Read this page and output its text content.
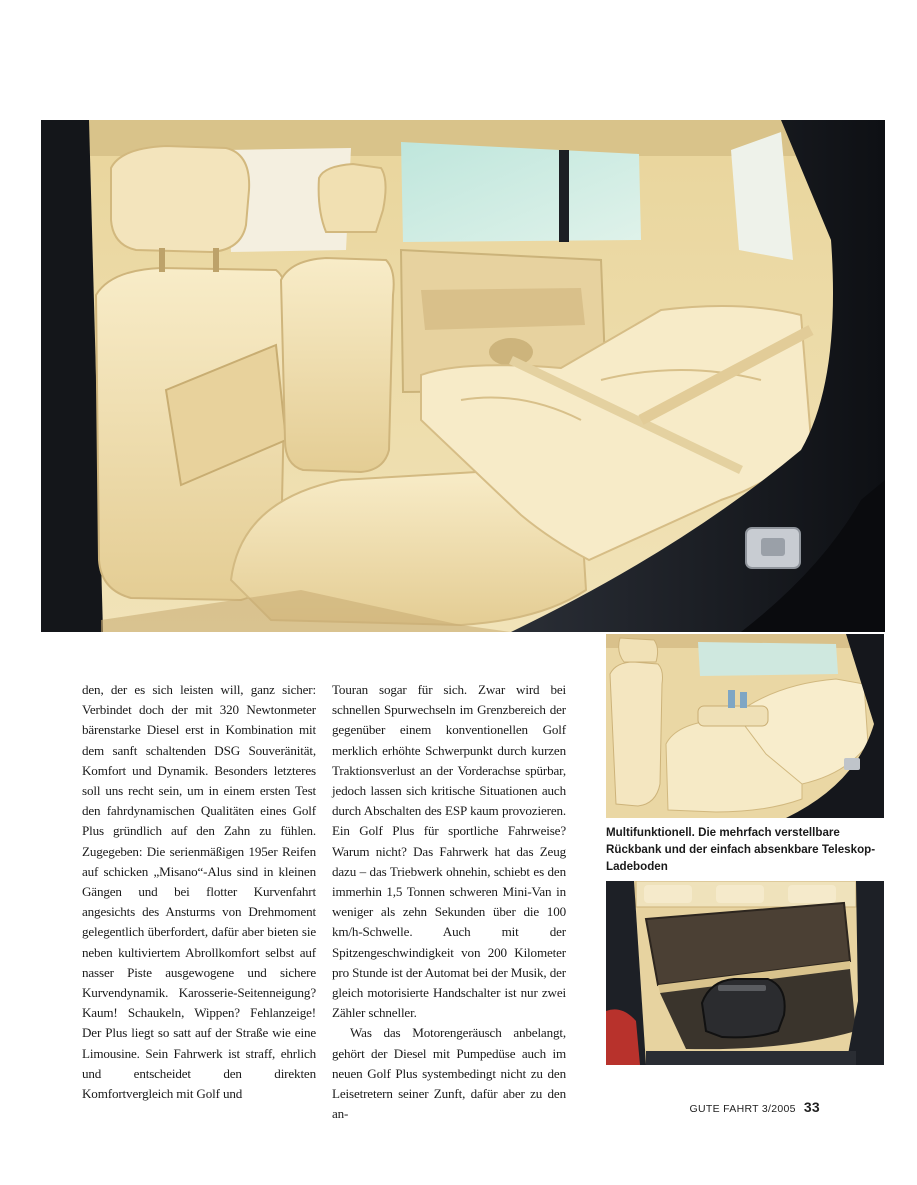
Multifunktionell. Die mehrfach verstellbare Rückbank und der einfach absenkbare Teleskop-Ladeboden

den, der es sich leisten will, ganz sicher: Verbindet doch der mit 320 Newtonmeter bärenstarke Diesel erst in Kombination mit dem sanft schaltenden DSG Souveränität, Komfort und Dynamik. Besonders letzteres soll uns recht sein, um in einem ersten Test den fahrdynamischen Qualitäten eines Golf Plus gründlich auf den Zahn zu fühlen. Zugegeben: Die serienmäßigen 195er Reifen auf schicken „Misano“-Alus sind in kleinen Gängen und bei flotter Kurvenfahrt angesichts des Ansturms von Drehmoment gelegentlich überfordert, dafür aber bieten sie neben kultiviertem Abrollkomfort selbst auf nasser Piste ausgewogene und sichere Kurvendynamik. Karosserie-Seitenneigung? Kaum! Schaukeln, Wippen? Fehlanzeige! Der Plus liegt so satt auf der Straße wie eine Limousine. Sein Fahrwerk ist straff, ehrlich und entscheidet den direkten Komfortvergleich mit Golf und

Touran sogar für sich. Zwar wird bei schnellen Spurwechseln im Grenzbereich der gegenüber einem konventionellen Golf merklich erhöhte Schwerpunkt durch kurzen Traktionsverlust an der Vorderachse spürbar, jedoch lassen sich kritische Situationen auch durch Abschalten des ESP kaum provozieren. Ein Golf Plus für sportliche Fahrweise? Warum nicht? Das Fahrwerk hat das Zeug dazu – das Triebwerk ohnehin, schiebt es den immerhin 1,5 Tonnen schweren Mini-Van in weniger als zehn Sekunden über die 100 km/h-Schwelle. Auch mit der Spitzengeschwindigkeit von 200 Kilometer pro Stunde ist der Automat bei der Musik, der gleich motorisierte Handschalter ist nur zwei Zähler schneller.

Was das Motorengeräusch anbelangt, gehört der Diesel mit Pumpedüse auch im neuen Golf Plus systembedingt nicht zu den Leisetretern seiner Zunft, dafür aber zu den an-	GUTE FAHRT 3/2005 33
